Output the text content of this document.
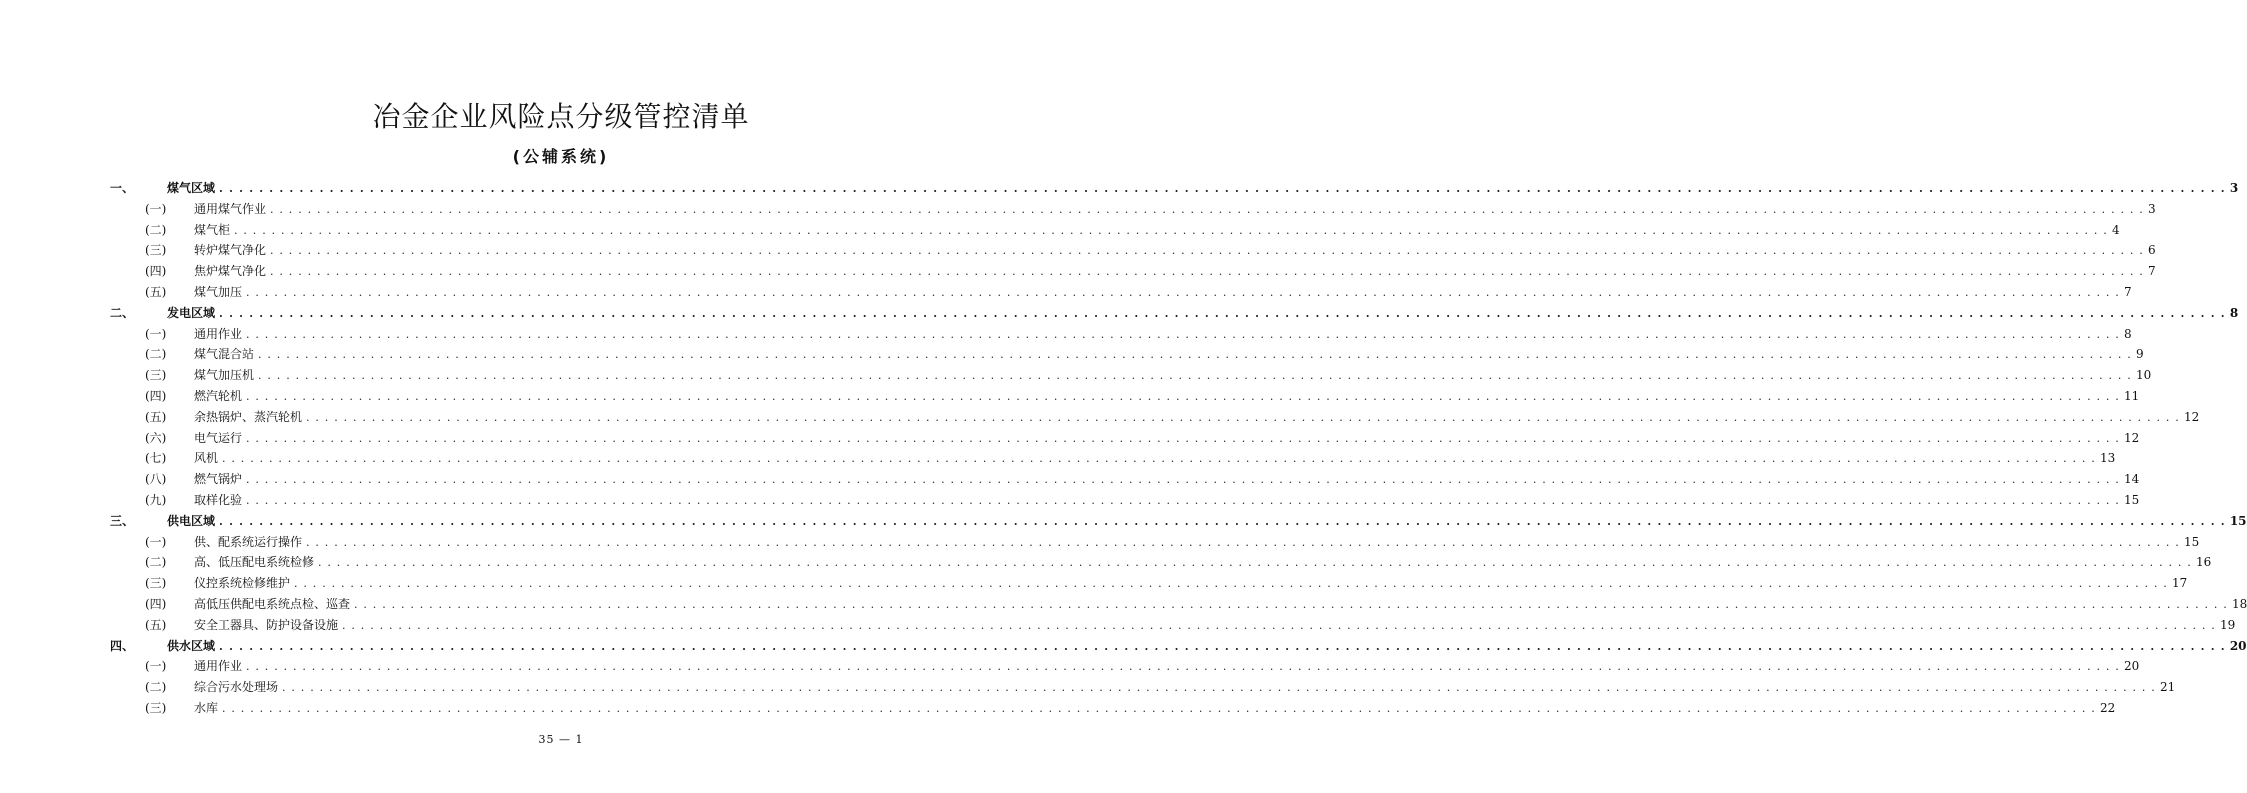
冶金企业风险点分级管控清单
(公辅系统)
一、	煤气区域 . . . . . . . . . . . . . . . . . . . . . . . . . . . . . . . . . . . . . . . . . . . . . . . . . . . . . . . . . . . . . . . . . . . . . . . . . . . . . . . . . . . . . . . . . . . . . . . . . . . . . . . . . . . . . . . . . . . . . . . . . . . . . . . . . . . . . . . . . . . . . . . . . . . . . . . . . . . . . . . . . . . . . . . . . . . . . . . . . . . . . . . . . . . . . . . . . . . . . . . . 3
(一)	通用煤气作业 . . . . . . . . . . . . . . . . . . . . . . . . . . . . . . . . . . . . . . . . . . . . . . . . . . . . . . . . . . . . . . . . . . . . . . . . . . . . . . . . . . . . . . . . . . . . . . . . . . . . . . . . . . . . . . . . . . . . . . . . . . . . . . . . . . . . . . . . . . . . . . . . . . . . . . . . . . . . . . . . . . . . . . . . . . . . . . . . . . . . . . . . . . . . . . . . . . . . . . . . 3
(二)	煤气柜 . . . . . . . . . . . . . . . . . . . . . . . . . . . . . . . . . . . . . . . . . . . . . . . . . . . . . . . . . . . . . . . . . . . . . . . . . . . . . . . . . . . . . . . . . . . . . . . . . . . . . . . . . . . . . . . . . . . . . . . . . . . . . . . . . . . . . . . . . . . . . . . . . . . . . . . . . . . . . . . . . . . . . . . . . . . . . . . . . . . . . . . . . . . . . . . . . . . . . . . . 4
(三)	转炉煤气净化 . . . . . . . . . . . . . . . . . . . . . . . . . . . . . . . . . . . . . . . . . . . . . . . . . . . . . . . . . . . . . . . . . . . . . . . . . . . . . . . . . . . . . . . . . . . . . . . . . . . . . . . . . . . . . . . . . . . . . . . . . . . . . . . . . . . . . . . . . . . . . . . . . . . . . . . . . . . . . . . . . . . . . . . . . . . . . . . . . . . . . . . . . . . . . . . . . . . . . . . . 6
(四)	焦炉煤气净化 . . . . . . . . . . . . . . . . . . . . . . . . . . . . . . . . . . . . . . . . . . . . . . . . . . . . . . . . . . . . . . . . . . . . . . . . . . . . . . . . . . . . . . . . . . . . . . . . . . . . . . . . . . . . . . . . . . . . . . . . . . . . . . . . . . . . . . . . . . . . . . . . . . . . . . . . . . . . . . . . . . . . . . . . . . . . . . . . . . . . . . . . . . . . . . . . . . . . . . . . 7
(五)	煤气加压 . . . . . . . . . . . . . . . . . . . . . . . . . . . . . . . . . . . . . . . . . . . . . . . . . . . . . . . . . . . . . . . . . . . . . . . . . . . . . . . . . . . . . . . . . . . . . . . . . . . . . . . . . . . . . . . . . . . . . . . . . . . . . . . . . . . . . . . . . . . . . . . . . . . . . . . . . . . . . . . . . . . . . . . . . . . . . . . . . . . . . . . . . . . . . . . . . . . . . . . . 7
二、	发电区域 . . . . . . . . . . . . . . . . . . . . . . . . . . . . . . . . . . . . . . . . . . . . . . . . . . . . . . . . . . . . . . . . . . . . . . . . . . . . . . . . . . . . . . . . . . . . . . . . . . . . . . . . . . . . . . . . . . . . . . . . . . . . . . . . . . . . . . . . . . . . . . . . . . . . . . . . . . . . . . . . . . . . . . . . . . . . . . . . . . . . . . . . . . . . . . . . . . . . . . . . 8
(一)	通用作业 . . . . . . . . . . . . . . . . . . . . . . . . . . . . . . . . . . . . . . . . . . . . . . . . . . . . . . . . . . . . . . . . . . . . . . . . . . . . . . . . . . . . . . . . . . . . . . . . . . . . . . . . . . . . . . . . . . . . . . . . . . . . . . . . . . . . . . . . . . . . . . . . . . . . . . . . . . . . . . . . . . . . . . . . . . . . . . . . . . . . . . . . . . . . . . . . . . . . . . . . 8
(二)	煤气混合站 . . . . . . . . . . . . . . . . . . . . . . . . . . . . . . . . . . . . . . . . . . . . . . . . . . . . . . . . . . . . . . . . . . . . . . . . . . . . . . . . . . . . . . . . . . . . . . . . . . . . . . . . . . . . . . . . . . . . . . . . . . . . . . . . . . . . . . . . . . . . . . . . . . . . . . . . . . . . . . . . . . . . . . . . . . . . . . . . . . . . . . . . . . . . . . . . . . . . . . . . 9
(三)	煤气加压机 . . . . . . . . . . . . . . . . . . . . . . . . . . . . . . . . . . . . . . . . . . . . . . . . . . . . . . . . . . . . . . . . . . . . . . . . . . . . . . . . . . . . . . . . . . . . . . . . . . . . . . . . . . . . . . . . . . . . . . . . . . . . . . . . . . . . . . . . . . . . . . . . . . . . . . . . . . . . . . . . . . . . . . . . . . . . . . . . . . . . . . . . . . . . . . . . . . . . . . . . 10
(四)	燃汽轮机 . . . . . . . . . . . . . . . . . . . . . . . . . . . . . . . . . . . . . . . . . . . . . . . . . . . . . . . . . . . . . . . . . . . . . . . . . . . . . . . . . . . . . . . . . . . . . . . . . . . . . . . . . . . . . . . . . . . . . . . . . . . . . . . . . . . . . . . . . . . . . . . . . . . . . . . . . . . . . . . . . . . . . . . . . . . . . . . . . . . . . . . . . . . . . . . . . . . . . . . . 11
(五)	余热锅炉、蒸汽轮机 . . . . . . . . . . . . . . . . . . . . . . . . . . . . . . . . . . . . . . . . . . . . . . . . . . . . . . . . . . . . . . . . . . . . . . . . . . . . . . . . . . . . . . . . . . . . . . . . . . . . . . . . . . . . . . . . . . . . . . . . . . . . . . . . . . . . . . . . . . . . . . . . . . . . . . . . . . . . . . . . . . . . . . . . . . . . . . . . . . . . . . . . . . . . . . . . . . . . . . . . 12
(六)	电气运行 . . . . . . . . . . . . . . . . . . . . . . . . . . . . . . . . . . . . . . . . . . . . . . . . . . . . . . . . . . . . . . . . . . . . . . . . . . . . . . . . . . . . . . . . . . . . . . . . . . . . . . . . . . . . . . . . . . . . . . . . . . . . . . . . . . . . . . . . . . . . . . . . . . . . . . . . . . . . . . . . . . . . . . . . . . . . . . . . . . . . . . . . . . . . . . . . . . . . . . . . 12
(七)	风机 . . . . . . . . . . . . . . . . . . . . . . . . . . . . . . . . . . . . . . . . . . . . . . . . . . . . . . . . . . . . . . . . . . . . . . . . . . . . . . . . . . . . . . . . . . . . . . . . . . . . . . . . . . . . . . . . . . . . . . . . . . . . . . . . . . . . . . . . . . . . . . . . . . . . . . . . . . . . . . . . . . . . . . . . . . . . . . . . . . . . . . . . . . . . . . . . . . . . . . . . 13
(八)	燃气锅炉 . . . . . . . . . . . . . . . . . . . . . . . . . . . . . . . . . . . . . . . . . . . . . . . . . . . . . . . . . . . . . . . . . . . . . . . . . . . . . . . . . . . . . . . . . . . . . . . . . . . . . . . . . . . . . . . . . . . . . . . . . . . . . . . . . . . . . . . . . . . . . . . . . . . . . . . . . . . . . . . . . . . . . . . . . . . . . . . . . . . . . . . . . . . . . . . . . . . . . . . . 14
(九)	取样化验 . . . . . . . . . . . . . . . . . . . . . . . . . . . . . . . . . . . . . . . . . . . . . . . . . . . . . . . . . . . . . . . . . . . . . . . . . . . . . . . . . . . . . . . . . . . . . . . . . . . . . . . . . . . . . . . . . . . . . . . . . . . . . . . . . . . . . . . . . . . . . . . . . . . . . . . . . . . . . . . . . . . . . . . . . . . . . . . . . . . . . . . . . . . . . . . . . . . . . . . . 15
三、	供电区域 . . . . . . . . . . . . . . . . . . . . . . . . . . . . . . . . . . . . . . . . . . . . . . . . . . . . . . . . . . . . . . . . . . . . . . . . . . . . . . . . . . . . . . . . . . . . . . . . . . . . . . . . . . . . . . . . . . . . . . . . . . . . . . . . . . . . . . . . . . . . . . . . . . . . . . . . . . . . . . . . . . . . . . . . . . . . . . . . . . . . . . . . . . . . . . . . . . . . . . . . 15
(一)	供、配系统运行操作 . . . . . . . . . . . . . . . . . . . . . . . . . . . . . . . . . . . . . . . . . . . . . . . . . . . . . . . . . . . . . . . . . . . . . . . . . . . . . . . . . . . . . . . . . . . . . . . . . . . . . . . . . . . . . . . . . . . . . . . . . . . . . . . . . . . . . . . . . . . . . . . . . . . . . . . . . . . . . . . . . . . . . . . . . . . . . . . . . . . . . . . . . . . . . . . . . . . . . . . . 15
(二)	高、低压配电系统检修 . . . . . . . . . . . . . . . . . . . . . . . . . . . . . . . . . . . . . . . . . . . . . . . . . . . . . . . . . . . . . . . . . . . . . . . . . . . . . . . . . . . . . . . . . . . . . . . . . . . . . . . . . . . . . . . . . . . . . . . . . . . . . . . . . . . . . . . . . . . . . . . . . . . . . . . . . . . . . . . . . . . . . . . . . . . . . . . . . . . . . . . . . . . . . . . . . . . . . . . . 16
(三)	仪控系统检修维护 . . . . . . . . . . . . . . . . . . . . . . . . . . . . . . . . . . . . . . . . . . . . . . . . . . . . . . . . . . . . . . . . . . . . . . . . . . . . . . . . . . . . . . . . . . . . . . . . . . . . . . . . . . . . . . . . . . . . . . . . . . . . . . . . . . . . . . . . . . . . . . . . . . . . . . . . . . . . . . . . . . . . . . . . . . . . . . . . . . . . . . . . . . . . . . . . . . . . . . . . 17
(四)	高低压供配电系统点检、巡查 . . . . . . . . . . . . . . . . . . . . . . . . . . . . . . . . . . . . . . . . . . . . . . . . . . . . . . . . . . . . . . . . . . . . . . . . . . . . . . . . . . . . . . . . . . . . . . . . . . . . . . . . . . . . . . . . . . . . . . . . . . . . . . . . . . . . . . . . . . . . . . . . . . . . . . . . . . . . . . . . . . . . . . . . . . . . . . . . . . . . . . . . . . . . . . . . . . . . . . . . 18
(五)	安全工器具、防护设备设施 . . . . . . . . . . . . . . . . . . . . . . . . . . . . . . . . . . . . . . . . . . . . . . . . . . . . . . . . . . . . . . . . . . . . . . . . . . . . . . . . . . . . . . . . . . . . . . . . . . . . . . . . . . . . . . . . . . . . . . . . . . . . . . . . . . . . . . . . . . . . . . . . . . . . . . . . . . . . . . . . . . . . . . . . . . . . . . . . . . . . . . . . . . . . . . . . . . . . . . . . 19
四、	供水区域 . . . . . . . . . . . . . . . . . . . . . . . . . . . . . . . . . . . . . . . . . . . . . . . . . . . . . . . . . . . . . . . . . . . . . . . . . . . . . . . . . . . . . . . . . . . . . . . . . . . . . . . . . . . . . . . . . . . . . . . . . . . . . . . . . . . . . . . . . . . . . . . . . . . . . . . . . . . . . . . . . . . . . . . . . . . . . . . . . . . . . . . . . . . . . . . . . . . . . . . . 20
(一)	通用作业 . . . . . . . . . . . . . . . . . . . . . . . . . . . . . . . . . . . . . . . . . . . . . . . . . . . . . . . . . . . . . . . . . . . . . . . . . . . . . . . . . . . . . . . . . . . . . . . . . . . . . . . . . . . . . . . . . . . . . . . . . . . . . . . . . . . . . . . . . . . . . . . . . . . . . . . . . . . . . . . . . . . . . . . . . . . . . . . . . . . . . . . . . . . . . . . . . . . . . . . . 20
(二)	综合污水处理场 . . . . . . . . . . . . . . . . . . . . . . . . . . . . . . . . . . . . . . . . . . . . . . . . . . . . . . . . . . . . . . . . . . . . . . . . . . . . . . . . . . . . . . . . . . . . . . . . . . . . . . . . . . . . . . . . . . . . . . . . . . . . . . . . . . . . . . . . . . . . . . . . . . . . . . . . . . . . . . . . . . . . . . . . . . . . . . . . . . . . . . . . . . . . . . . . . . . . . . . . 21
(三)	水库 . . . . . . . . . . . . . . . . . . . . . . . . . . . . . . . . . . . . . . . . . . . . . . . . . . . . . . . . . . . . . . . . . . . . . . . . . . . . . . . . . . . . . . . . . . . . . . . . . . . . . . . . . . . . . . . . . . . . . . . . . . . . . . . . . . . . . . . . . . . . . . . . . . . . . . . . . . . . . . . . . . . . . . . . . . . . . . . . . . . . . . . . . . . . . . . . . . . . . . . . 22
35 — 1
